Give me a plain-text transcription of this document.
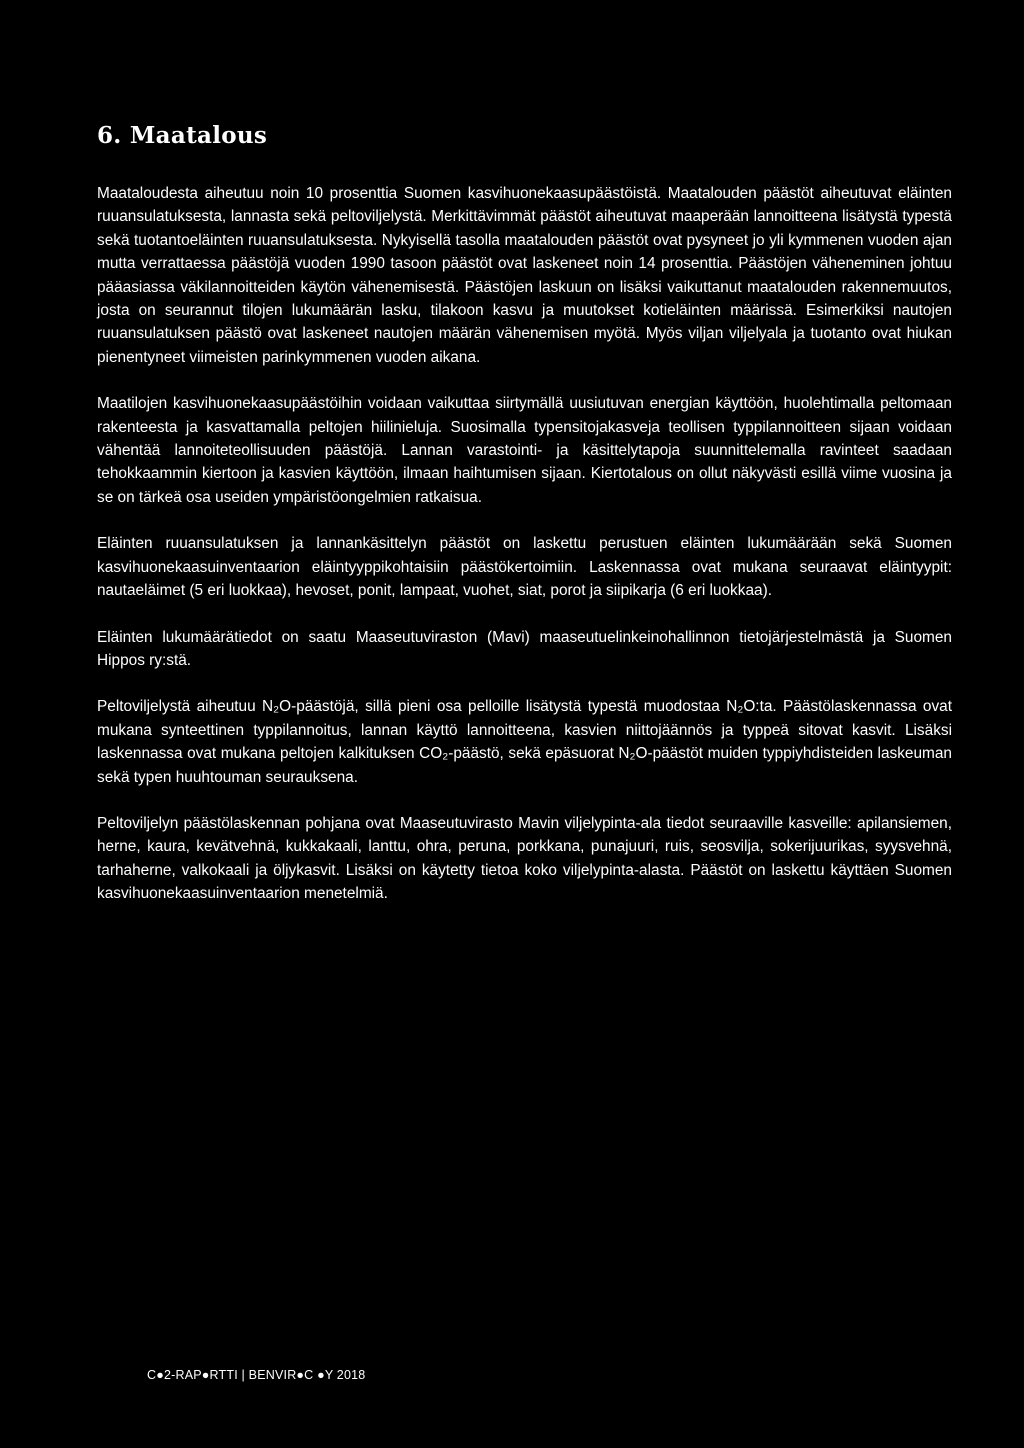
6. Maatalous

Maataloudesta aiheutuu noin 10 prosenttia Suomen kasvihuonekaasupäästöistä. Maatalouden päästöt aiheutuvat eläinten ruuansulatuksesta, lannasta sekä peltoviljelystä. Merkittävimmät päästöt aiheutuvat maaperään lannoitteena lisätystä typestä sekä tuotantoeläinten ruuansulatuksesta. Nykyisellä tasolla maatalouden päästöt ovat pysyneet jo yli kymmenen vuoden ajan mutta verrattaessa päästöjä vuoden 1990 tasoon päästöt ovat laskeneet noin 14 prosenttia. Päästöjen väheneminen johtuu pääasiassa väkilannoitteiden käytön vähenemisestä. Päästöjen laskuun on lisäksi vaikuttanut maatalouden rakennemuutos, josta on seurannut tilojen lukumäärän lasku, tilakoon kasvu ja muutokset kotieläinten määrissä. Esimerkiksi nautojen ruuansulatuksen päästö ovat laskeneet nautojen määrän vähenemisen myötä. Myös viljan viljelyala ja tuotanto ovat hiukan pienentyneet viimeisten parinkymmenen vuoden aikana.

Maatilojen kasvihuonekaasupäästöihin voidaan vaikuttaa siirtymällä uusiutuvan energian käyttöön, huolehtimalla peltomaan rakenteesta ja kasvattamalla peltojen hiilinieluja. Suosimalla typensitojakasveja teollisen typpilannoitteen sijaan voidaan vähentää lannoiteteollisuuden päästöjä. Lannan varastointi- ja käsittelytapoja suunnittelemalla ravinteet saadaan tehokkaammin kiertoon ja kasvien käyttöön, ilmaan haihtumisen sijaan. Kiertotalous on ollut näkyvästi esillä viime vuosina ja se on tärkeä osa useiden ympäristöongelmien ratkaisua.

Eläinten ruuansulatuksen ja lannankäsittelyn päästöt on laskettu perustuen eläinten lukumäärään sekä Suomen kasvihuonekaasuinventaarion eläintyyppikohtaisiin päästökertoimiin. Laskennassa ovat mukana seuraavat eläintyypit: nautaeläimet (5 eri luokkaa), hevoset, ponit, lampaat, vuohet, siat, porot ja siipikarja (6 eri luokkaa).

Eläinten lukumäärätiedot on saatu Maaseutuviraston (Mavi) maaseutuelinkeinohallinnon tietojärjestelmästä ja Suomen Hippos ry:stä.

Peltoviljelystä aiheutuu N₂O-päästöjä, sillä pieni osa pelloille lisätystä typestä muodostaa N₂O:ta. Päästölaskennassa ovat mukana synteettinen typpilannoitus, lannan käyttö lannoitteena, kasvien niittojäännös ja typpeä sitovat kasvit. Lisäksi laskennassa ovat mukana peltojen kalkituksen CO₂-päästö, sekä epäsuorat N₂O-päästöt muiden typpiyhdisteiden laskeuman sekä typen huuhtouman seurauksena.

Peltoviljelyn päästölaskennan pohjana ovat Maaseutuvirasto Mavin viljelypinta-ala tiedot seuraaville kasveille: apilansiemen, herne, kaura, kevätvehnä, kukkakaali, lanttu, ohra, peruna, porkkana, punajuuri, ruis, seosvilja, sokerijuurikas, syysvehnä, tarhaherne, valkokaali ja öljykasvit. Lisäksi on käytetty tietoa koko viljelypinta-alasta. Päästöt on laskettu käyttäen Suomen kasvihuonekaasuinventaarion menetelmiä.

C●2-RAP●RTTI | BENVIR●C ●Y 2018
